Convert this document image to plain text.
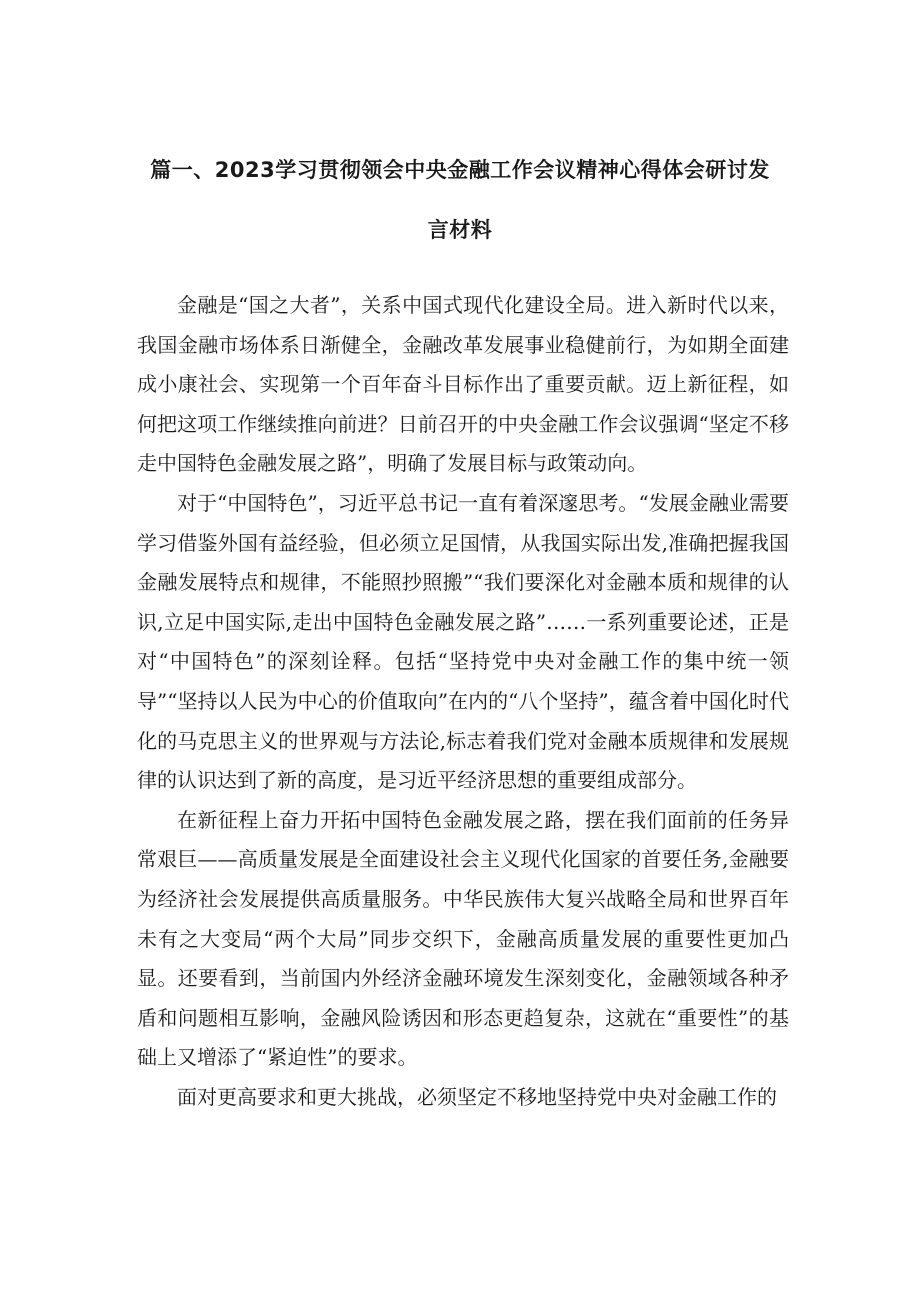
篇一、2023学习贯彻领会中央金融工作会议精神心得体会研讨发
言材料

金融是“国之大者”，关系中国式现代化建设全局。进入新时代以来，我国金融市场体系日渐健全，金融改革发展事业稳健前行，为如期全面建成小康社会、实现第一个百年奋斗目标作出了重要贡献。迈上新征程，如何把这项工作继续推向前进？日前召开的中央金融工作会议强调“坚定不移走中国特色金融发展之路”，明确了发展目标与政策动向。

对于“中国特色”，习近平总书记一直有着深邃思考。“发展金融业需要学习借鉴外国有益经验，但必须立足国情，从我国实际出发,准确把握我国金融发展特点和规律，不能照抄照搬”“我们要深化对金融本质和规律的认识,立足中国实际,走出中国特色金融发展之路”……一系列重要论述，正是对“中国特色”的深刻诠释。包括“坚持党中央对金融工作的集中统一领导”“坚持以人民为中心的价值取向”在内的“八个坚持”，蕴含着中国化时代化的马克思主义的世界观与方法论,标志着我们党对金融本质规律和发展规律的认识达到了新的高度，是习近平经济思想的重要组成部分。

在新征程上奋力开拓中国特色金融发展之路，摆在我们面前的任务异常艰巨——高质量发展是全面建设社会主义现代化国家的首要任务,金融要为经济社会发展提供高质量服务。中华民族伟大复兴战略全局和世界百年未有之大变局“两个大局”同步交织下，金融高质量发展的重要性更加凸显。还要看到，当前国内外经济金融环境发生深刻变化，金融领域各种矛盾和问题相互影响，金融风险诱因和形态更趋复杂，这就在“重要性”的基础上又增添了“紧迫性”的要求。

面对更高要求和更大挑战，必须坚定不移地坚持党中央对金融工作的
